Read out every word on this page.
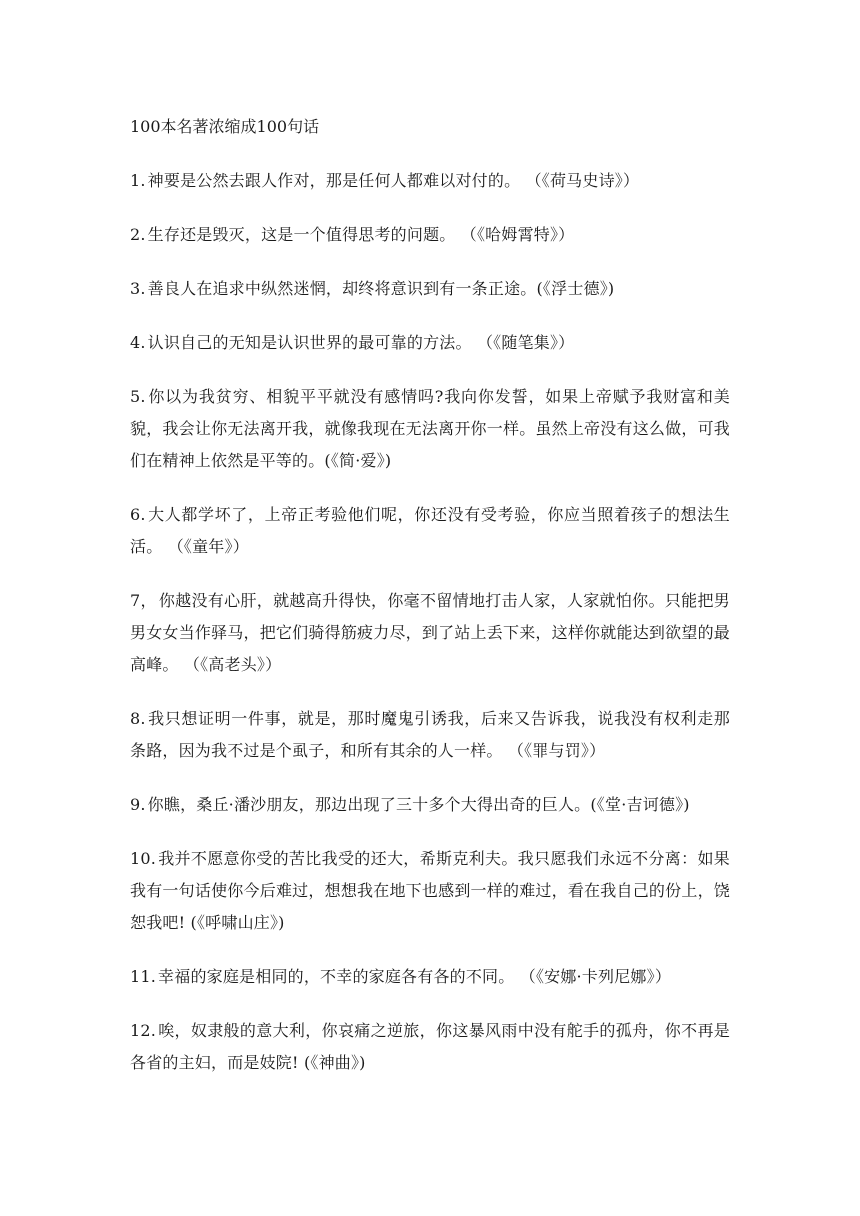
100本名著浓缩成100句话

1. 神要是公然去跟人作对，那是任何人都难以对付的。 （《荷马史诗》）

2. 生存还是毁灭，这是一个值得思考的问题。 （《哈姆霄特》）

3. 善良人在追求中纵然迷惘，却终将意识到有一条正途。(《浮士德》)

4. 认识自己的无知是认识世界的最可靠的方法。 （《随笔集》）

5. 你以为我贫穷、相貌平平就没有感情吗?我向你发誓，如果上帝赋予我财富和美貌，我会让你无法离开我，就像我现在无法离开你一样。虽然上帝没有这么做，可我们在精神上依然是平等的。(《简·爱》)

6. 大人都学坏了，上帝正考验他们呢，你还没有受考验，你应当照着孩子的想法生活。 （《童年》）

7， 你越没有心肝，就越高升得快，你毫不留情地打击人家，人家就怕你。只能把男男女女当作驿马，把它们骑得筋疲力尽，到了站上丢下来，这样你就能达到欲望的最高峰。 （《高老头》）

8. 我只想证明一件事，就是，那时魔鬼引诱我，后来又告诉我，说我没有权利走那条路，因为我不过是个虱子，和所有其余的人一样。 （《罪与罚》）

9. 你瞧，桑丘·潘沙朋友，那边出现了三十多个大得出奇的巨人。(《堂·吉诃德》)

10. 我并不愿意你受的苦比我受的还大，希斯克利夫。我只愿我们永远不分离：如果我有一句话使你今后难过，想想我在地下也感到一样的难过，看在我自己的份上，饶恕我吧! (《呼啸山庄》)

11. 幸福的家庭是相同的，不幸的家庭各有各的不同。 （《安娜·卡列尼娜》）

12. 唉，奴隶般的意大利，你哀痛之逆旅，你这暴风雨中没有舵手的孤舟，你不再是各省的主妇，而是妓院! (《神曲》)
